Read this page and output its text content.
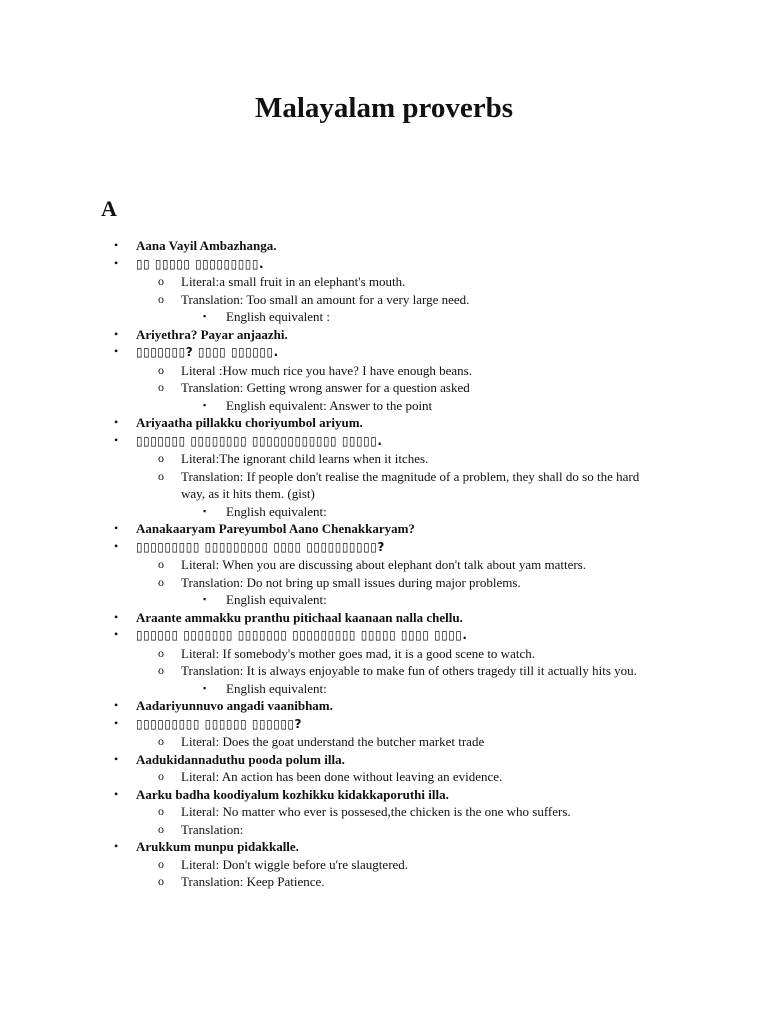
Malayalam proverbs
A
• Aana Vayil Ambazhanga.
• ▯▯ ▯▯▯▯▯ ▯▯▯▯▯▯▯▯▯.
o Literal:a small fruit in an elephant's mouth.
o Translation: Too small an amount for a very large need.
▪ English equivalent :
• Ariyethra? Payar anjaazhi.
• ▯▯▯▯▯▯▯? ▯▯▯▯ ▯▯▯▯▯▯.
o Literal :How much rice you have? I have enough beans.
o Translation: Getting wrong answer for a question asked
▪ English equivalent: Answer to the point
• Ariyaatha pillakku choriyumbol ariyum.
• ▯▯▯▯▯▯▯ ▯▯▯▯▯▯▯▯ ▯▯▯▯▯▯▯▯▯▯▯▯ ▯▯▯▯▯.
o Literal:The ignorant child learns when it itches.
o Translation: If people don't realise the magnitude of a problem, they shall do so the hard way, as it hits them. (gist)
▪ English equivalent:
• Aanakaaryam Pareyumbol Aano Chenakkaryam?
• ▯▯▯▯▯▯▯▯▯ ▯▯▯▯▯▯▯▯▯ ▯▯▯▯ ▯▯▯▯▯▯▯▯▯▯?
o Literal: When you are discussing about elephant don't talk about yam matters.
o Translation: Do not bring up small issues during major problems.
▪ English equivalent:
• Araante ammakku pranthu pitichaal kaanaan nalla chellu.
• ▯▯▯▯▯▯ ▯▯▯▯▯▯▯ ▯▯▯▯▯▯▯ ▯▯▯▯▯▯▯▯▯ ▯▯▯▯▯ ▯▯▯▯ ▯▯▯▯.
o Literal: If somebody's mother goes mad, it is a good scene to watch.
o Translation: It is always enjoyable to make fun of others tragedy till it actually hits you.
▪ English equivalent:
• Aadariyunnuvo angadi vaanibham.
• ▯▯▯▯▯▯▯▯▯ ▯▯▯▯▯▯ ▯▯▯▯▯▯?
o Literal: Does the goat understand the butcher market trade
• Aadukidannaduthu pooda polum illa.
o Literal: An action has been done without leaving an evidence.
• Aarku badha koodiyalum kozhikku kidakkaporuthi illa.
o Literal: No matter who ever is possesed,the chicken is the one who suffers.
o Translation:
• Arukkum munpu pidakkalle.
o Literal: Don't wiggle before u're slaugtered.
o Translation: Keep Patience.
